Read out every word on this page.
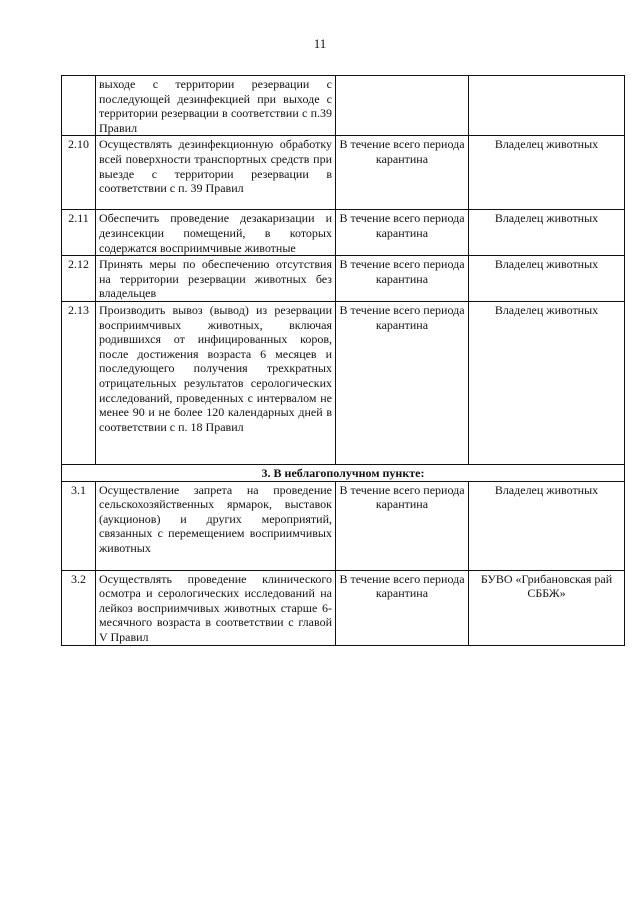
11
	выходе с территории резервации с последующей дезинфекцией при выходе с территории резервации в соответствии с п.39 Правил		
2.10	Осуществлять дезинфекционную обработку всей поверхности транспортных средств при выезде с территории резервации в соответствии с п. 39 Правил	В течение всего периода карантина	Владелец животных
2.11	Обеспечить проведение дезакаризации и дезинсекции помещений, в которых содержатся восприимчивые животные	В течение всего периода карантина	Владелец животных
2.12	Принять меры по обеспечению отсутствия на территории резервации животных без владельцев	В течение всего периода карантина	Владелец животных
2.13	Производить вывоз (вывод) из резервации восприимчивых животных, включая родившихся от инфицированных коров, после достижения возраста 6 месяцев и последующего получения трехкратных отрицательных результатов серологических исследований, проведенных с интервалом не менее 90 и не более 120 календарных дней в соответствии с п. 18 Правил	В течение всего периода карантина	Владелец животных
3. В неблагополучном пункте:			
3.1	Осуществление запрета на проведение сельскохозяйственных ярмарок, выставок (аукционов) и других мероприятий, связанных с перемещением восприимчивых животных	В течение всего периода карантина	Владелец животных
3.2	Осуществлять проведение клинического осмотра и серологических исследований на лейкоз восприимчивых животных старше 6-месячного возраста в соответствии с главой V Правил	В течение всего периода карантина	БУВО «Грибановская рай СББЖ»
